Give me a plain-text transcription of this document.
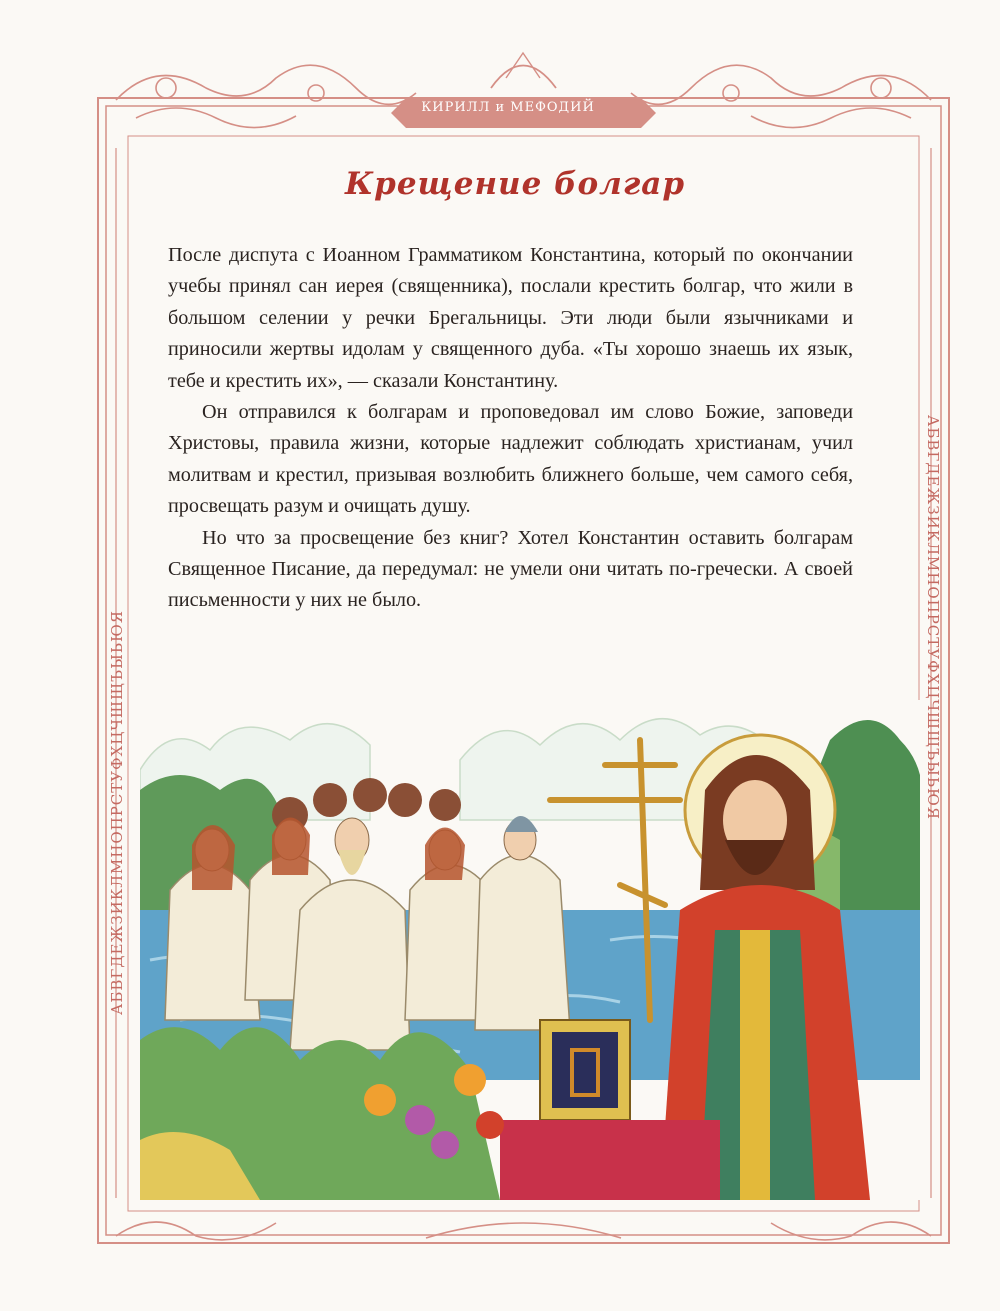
КИРИЛЛ и МЕФОДИЙ
АБВГДЕЖЗИКЛМНОПРСТУФХЦЧШЩЪЫЬЮЯ	АБВГДЕЖЗИКЛМНОПРСТУФХЦЧШЩЪЫЬЮЯ
Крещение болгар

После диспута с Иоанном Грамматиком Константина, который по окончании учебы принял сан иерея (священника), послали крестить болгар, что жили в большом селении у речки Брегальницы. Эти люди были язычниками и приносили жертвы идолам у священного дуба. «Ты хорошо знаешь их язык, тебе и крестить их», — сказали Константину.

Он отправился к болгарам и проповедовал им слово Божие, заповеди Христовы, правила жизни, которые надлежит соблюдать христианам, учил молитвам и крестил, призывая возлюбить ближнего больше, чем самого себя, просвещать разум и очищать душу.

Но что за просвещение без книг? Хотел Константин оставить болгарам Священное Писание, да передумал: не умели они читать по-гречески. А своей письменности у них не было.
